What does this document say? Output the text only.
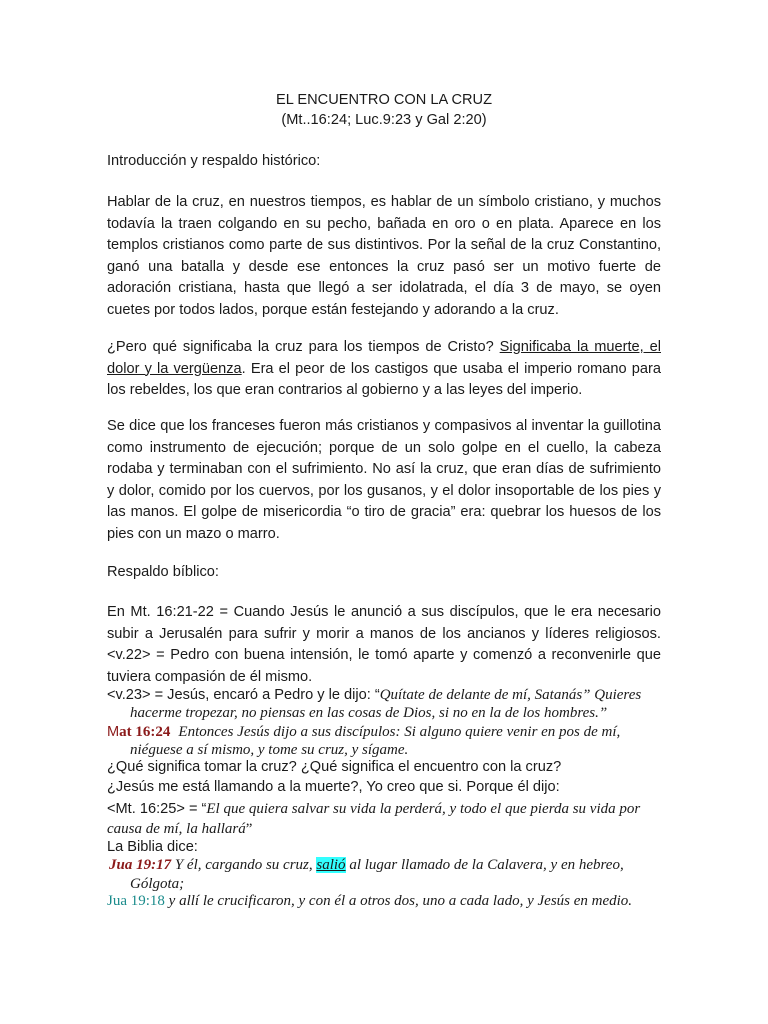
EL ENCUENTRO CON LA CRUZ
(Mt..16:24; Luc.9:23 y Gal 2:20)
Introducción y respaldo histórico:
Hablar de la cruz, en nuestros tiempos, es hablar de un símbolo cristiano, y muchos todavía la traen colgando en su pecho, bañada en oro o en plata. Aparece en los templos cristianos como parte de sus distintivos. Por la señal de la cruz Constantino, ganó una batalla y desde ese entonces la cruz pasó ser un motivo fuerte de adoración cristiana, hasta que llegó a ser idolatrada, el día 3 de mayo, se oyen cuetes por todos lados, porque están festejando y adorando a la cruz.
¿Pero qué significaba la cruz para los tiempos de Cristo? Significaba la muerte, el dolor y la vergüenza. Era el peor de los castigos que usaba el imperio romano para los rebeldes, los que eran contrarios al gobierno y a las leyes del imperio.
Se dice que los franceses fueron más cristianos y compasivos al inventar la guillotina como instrumento de ejecución; porque de un solo golpe en el cuello, la cabeza rodaba y terminaban con el sufrimiento. No así la cruz, que eran días de sufrimiento y dolor, comido por los cuervos, por los gusanos, y el dolor insoportable de los pies y las manos. El golpe de misericordia “o tiro de gracia” era: quebrar los huesos de los pies con un mazo o marro.
Respaldo bíblico:
En Mt. 16:21-22 = Cuando Jesús le anunció a sus discípulos, que le era necesario subir a Jerusalén para sufrir y morir a manos de los ancianos y líderes religiosos. <v.22> = Pedro con buena intensión, le tomó aparte y comenzó a reconvenirle que tuviera compasión de él mismo.
<v.23> = Jesús, encaró a Pedro y le dijo: “Quítate de delante de mí, Satanás” Quieres
hacerme tropezar, no piensas en las cosas de Dios, si no en la de los hombres.”
Mat 16:24 Entonces Jesús dijo a sus discípulos: Si alguno quiere venir en pos de mí,
niéguese a sí mismo, y tome su cruz, y sígame.
¿Qué significa tomar la cruz? ¿Qué significa el encuentro con la cruz?
¿Jesús me está llamando a la muerte?, Yo creo que si. Porque él dijo:
<Mt. 16:25> = “El que quiera salvar su vida la perderá, y todo el que pierda su vida por
causa de mí, la hallará”
La Biblia dice:
Jua 19:17 Y él, cargando su cruz, salió al lugar llamado de la Calavera, y en hebreo,
Gólgota;
Jua 19:18 y allí le crucificaron, y con él a otros dos, uno a cada lado, y Jesús en medio.
